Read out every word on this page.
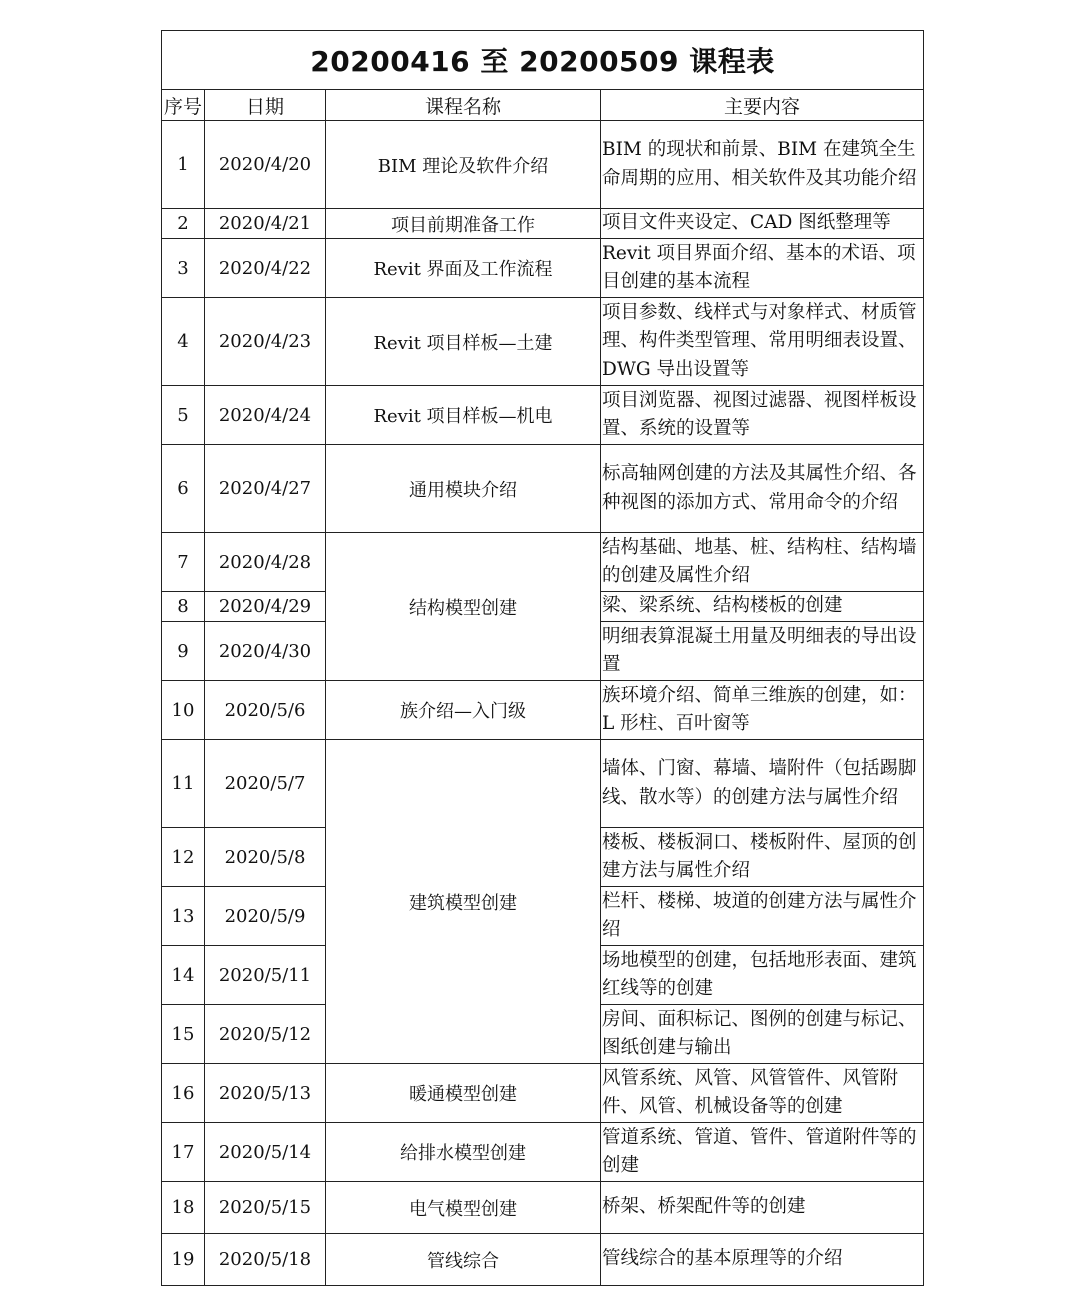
20200416 至 20200509 课程表			
序号	日期	课程名称	主要内容
1	2020/4/20	BIM 理论及软件介绍	BIM 的现状和前景、BIM 在建筑全生命周期的应用、相关软件及其功能介绍
2	2020/4/21	项目前期准备工作	项目文件夹设定、CAD 图纸整理等
3	2020/4/22	Revit 界面及工作流程	Revit 项目界面介绍、基本的术语、项目创建的基本流程
4	2020/4/23	Revit 项目样板—土建	项目参数、线样式与对象样式、材质管理、构件类型管理、常用明细表设置、DWG 导出设置等
5	2020/4/24	Revit 项目样板—机电	项目浏览器、视图过滤器、视图样板设置、系统的设置等
6	2020/4/27	通用模块介绍	标高轴网创建的方法及其属性介绍、各种视图的添加方式、常用命令的介绍
7	2020/4/28	结构模型创建	结构基础、地基、桩、结构柱、结构墙的创建及属性介绍
8	2020/4/29		梁、梁系统、结构楼板的创建
9	2020/4/30		明细表算混凝土用量及明细表的导出设置
10	2020/5/6	族介绍—入门级	族环境介绍、简单三维族的创建，如：L 形柱、百叶窗等
11	2020/5/7	建筑模型创建	墙体、门窗、幕墙、墙附件（包括踢脚线、散水等）的创建方法与属性介绍
12	2020/5/8		楼板、楼板洞口、楼板附件、屋顶的创建方法与属性介绍
13	2020/5/9		栏杆、楼梯、坡道的创建方法与属性介绍
14	2020/5/11		场地模型的创建，包括地形表面、建筑红线等的创建
15	2020/5/12		房间、面积标记、图例的创建与标记、图纸创建与输出
16	2020/5/13	暖通模型创建	风管系统、风管、风管管件、风管附件、风管、机械设备等的创建
17	2020/5/14	给排水模型创建	管道系统、管道、管件、管道附件等的创建
18	2020/5/15	电气模型创建	桥架、桥架配件等的创建
19	2020/5/18	管线综合	管线综合的基本原理等的介绍
